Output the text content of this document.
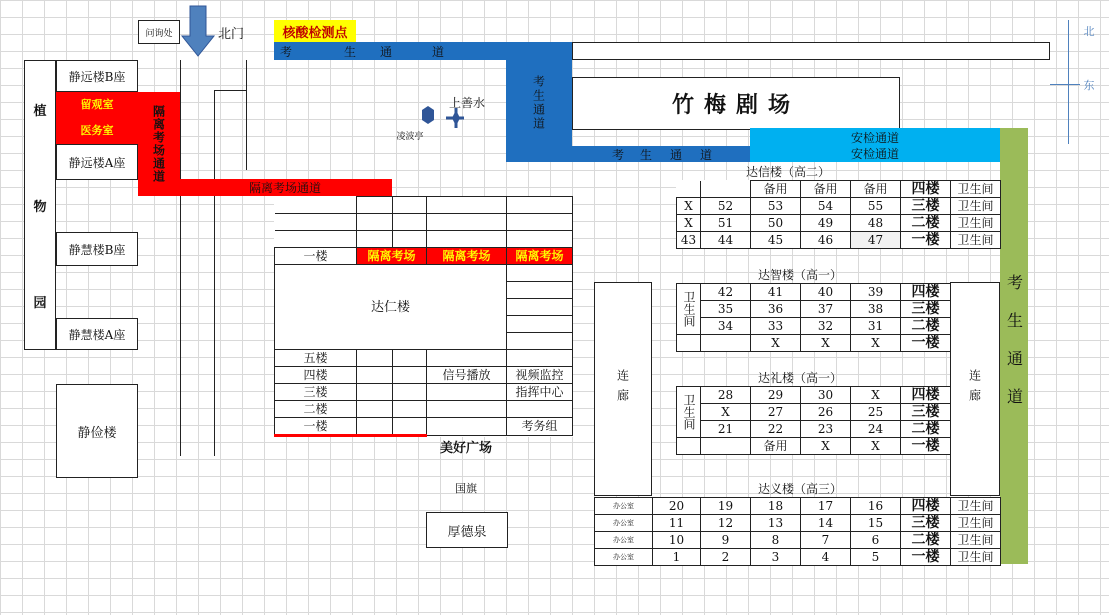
问询处	北门	核酸检测点
考	生 通	道
考
生
通
道
考 生 通 道
竹梅剧场
安检通道
安检通道
上善水
凌波亭
北
东
植
物
园
静远楼B座
留观室
医务室
静远楼A座
静慧楼B座
静慧楼A座
静俭楼
隔离考场通道
隔离考场通道

一楼	隔离考场		隔离考场	隔离考场
达仁楼				

五楼				
四楼			信号播放	视频监控
三楼				指挥中心
二楼				
一楼				考务组
美好广场
国旗
厚德泉
考生通道
连廊	连廊
达信楼（高二）
		备用	备用	备用	四楼	卫生间
X	52	53	54	55	三楼	卫生间
X	51	50	49	48	二楼	卫生间
43	44	45	46	47	一楼	卫生间
达智楼（高一）
卫生间	42	41	40	39	四楼
	35	36	37	38	三楼
	34	33	32	31	二楼
		X	X	X	一楼
达礼楼（高一）
卫生间	28	29	30	X	四楼
	X	27	26	25	三楼
	21	22	23	24	二楼
		备用	X	X	一楼
达义楼（高三）
办公室	20	19	18	17	16	四楼	卫生间
办公室	11	12	13	14	15	三楼	卫生间
办公室	10	9	8	7	6	二楼	卫生间
办公室	1	2	3	4	5	一楼	卫生间
